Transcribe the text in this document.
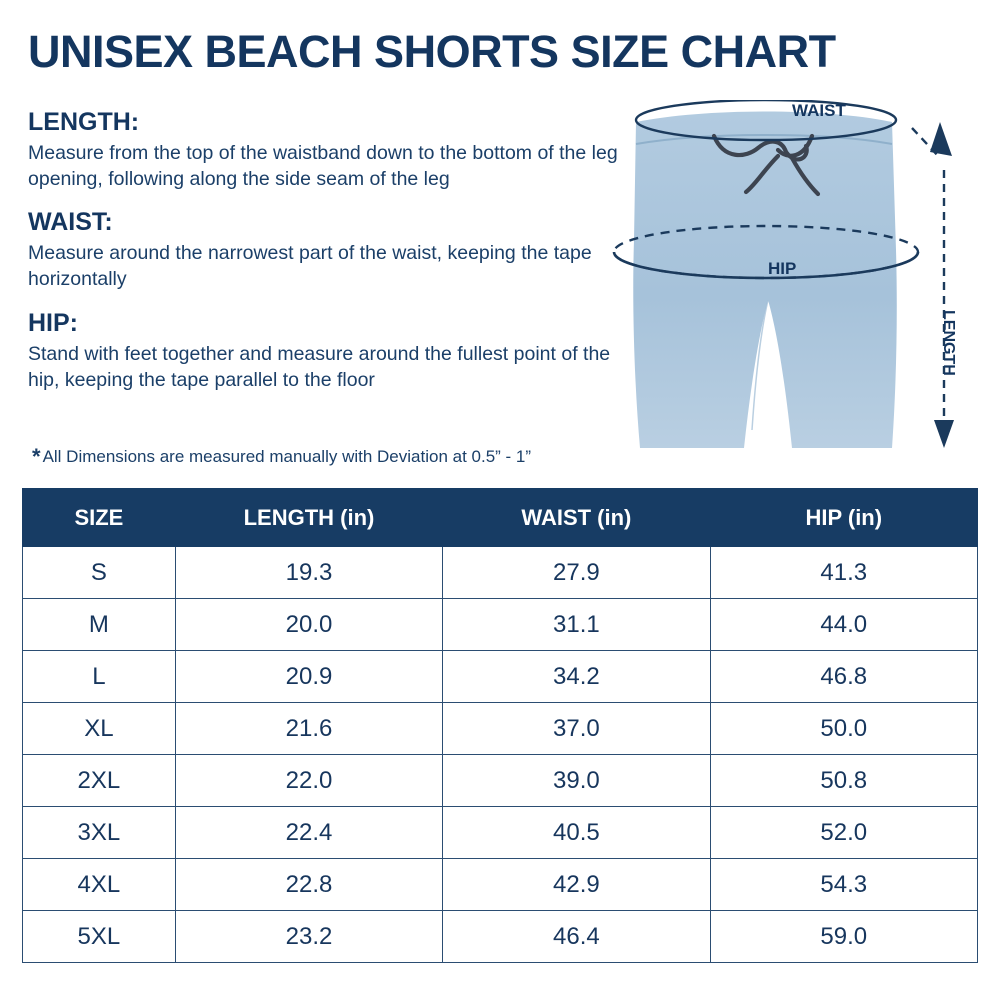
UNISEX BEACH SHORTS SIZE CHART
LENGTH:
Measure from the top of the waistband down to the bottom of the leg opening, following along the side seam of the leg
WAIST:
Measure around the narrowest part of the waist, keeping the tape horizontally
HIP:
Stand with feet together and measure around the fullest point of the hip, keeping the tape parallel to the floor
* All Dimensions are measured manually with Deviation at 0.5” - 1”
WAIST
HIP
LENGTH
SIZE	LENGTH (in)	WAIST (in)	HIP (in)
S	19.3	27.9	41.3
M	20.0	31.1	44.0
L	20.9	34.2	46.8
XL	21.6	37.0	50.0
2XL	22.0	39.0	50.8
3XL	22.4	40.5	52.0
4XL	22.8	42.9	54.3
5XL	23.2	46.4	59.0
